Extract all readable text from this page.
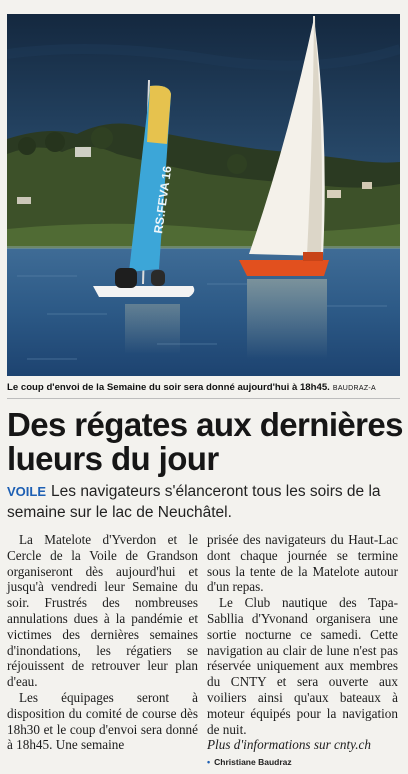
RS:FEVA 16
Le coup d'envoi de la Semaine du soir sera donné aujourd'hui à 18h45. BAUDRAZ-A
Des régates aux dernières lueurs du jour
VOILE Les navigateurs s'élanceront tous les soirs de la semaine sur le lac de Neuchâtel.

La Matelote d'Yverdon et le Cercle de la Voile de Grandson organiseront dès aujourd'hui et jusqu'à vendredi leur Semaine du soir. Frustrés des nombreuses annulations dues à la pandémie et victimes des dernières semaines d'inondations, les régatiers se réjouissent de retrouver leur plan d'eau.

Les équipages seront à disposition du comité de course dès 18h30 et le coup d'envoi sera donné à 18h45. Une semaine

prisée des navigateurs du Haut-Lac dont chaque journée se termine sous la tente de la Matelote autour d'un repas.

Le Club nautique des Tapa-Sabllia d'Yvonand organisera une sortie nocturne ce samedi. Cette navigation au clair de lune n'est pas réservée uniquement aux membres du CNTY et sera ouverte aux voiliers ainsi qu'aux bateaux à moteur équipés pour la navigation de nuit.

Plus d'informations sur cnty.ch

• Christiane Baudraz
